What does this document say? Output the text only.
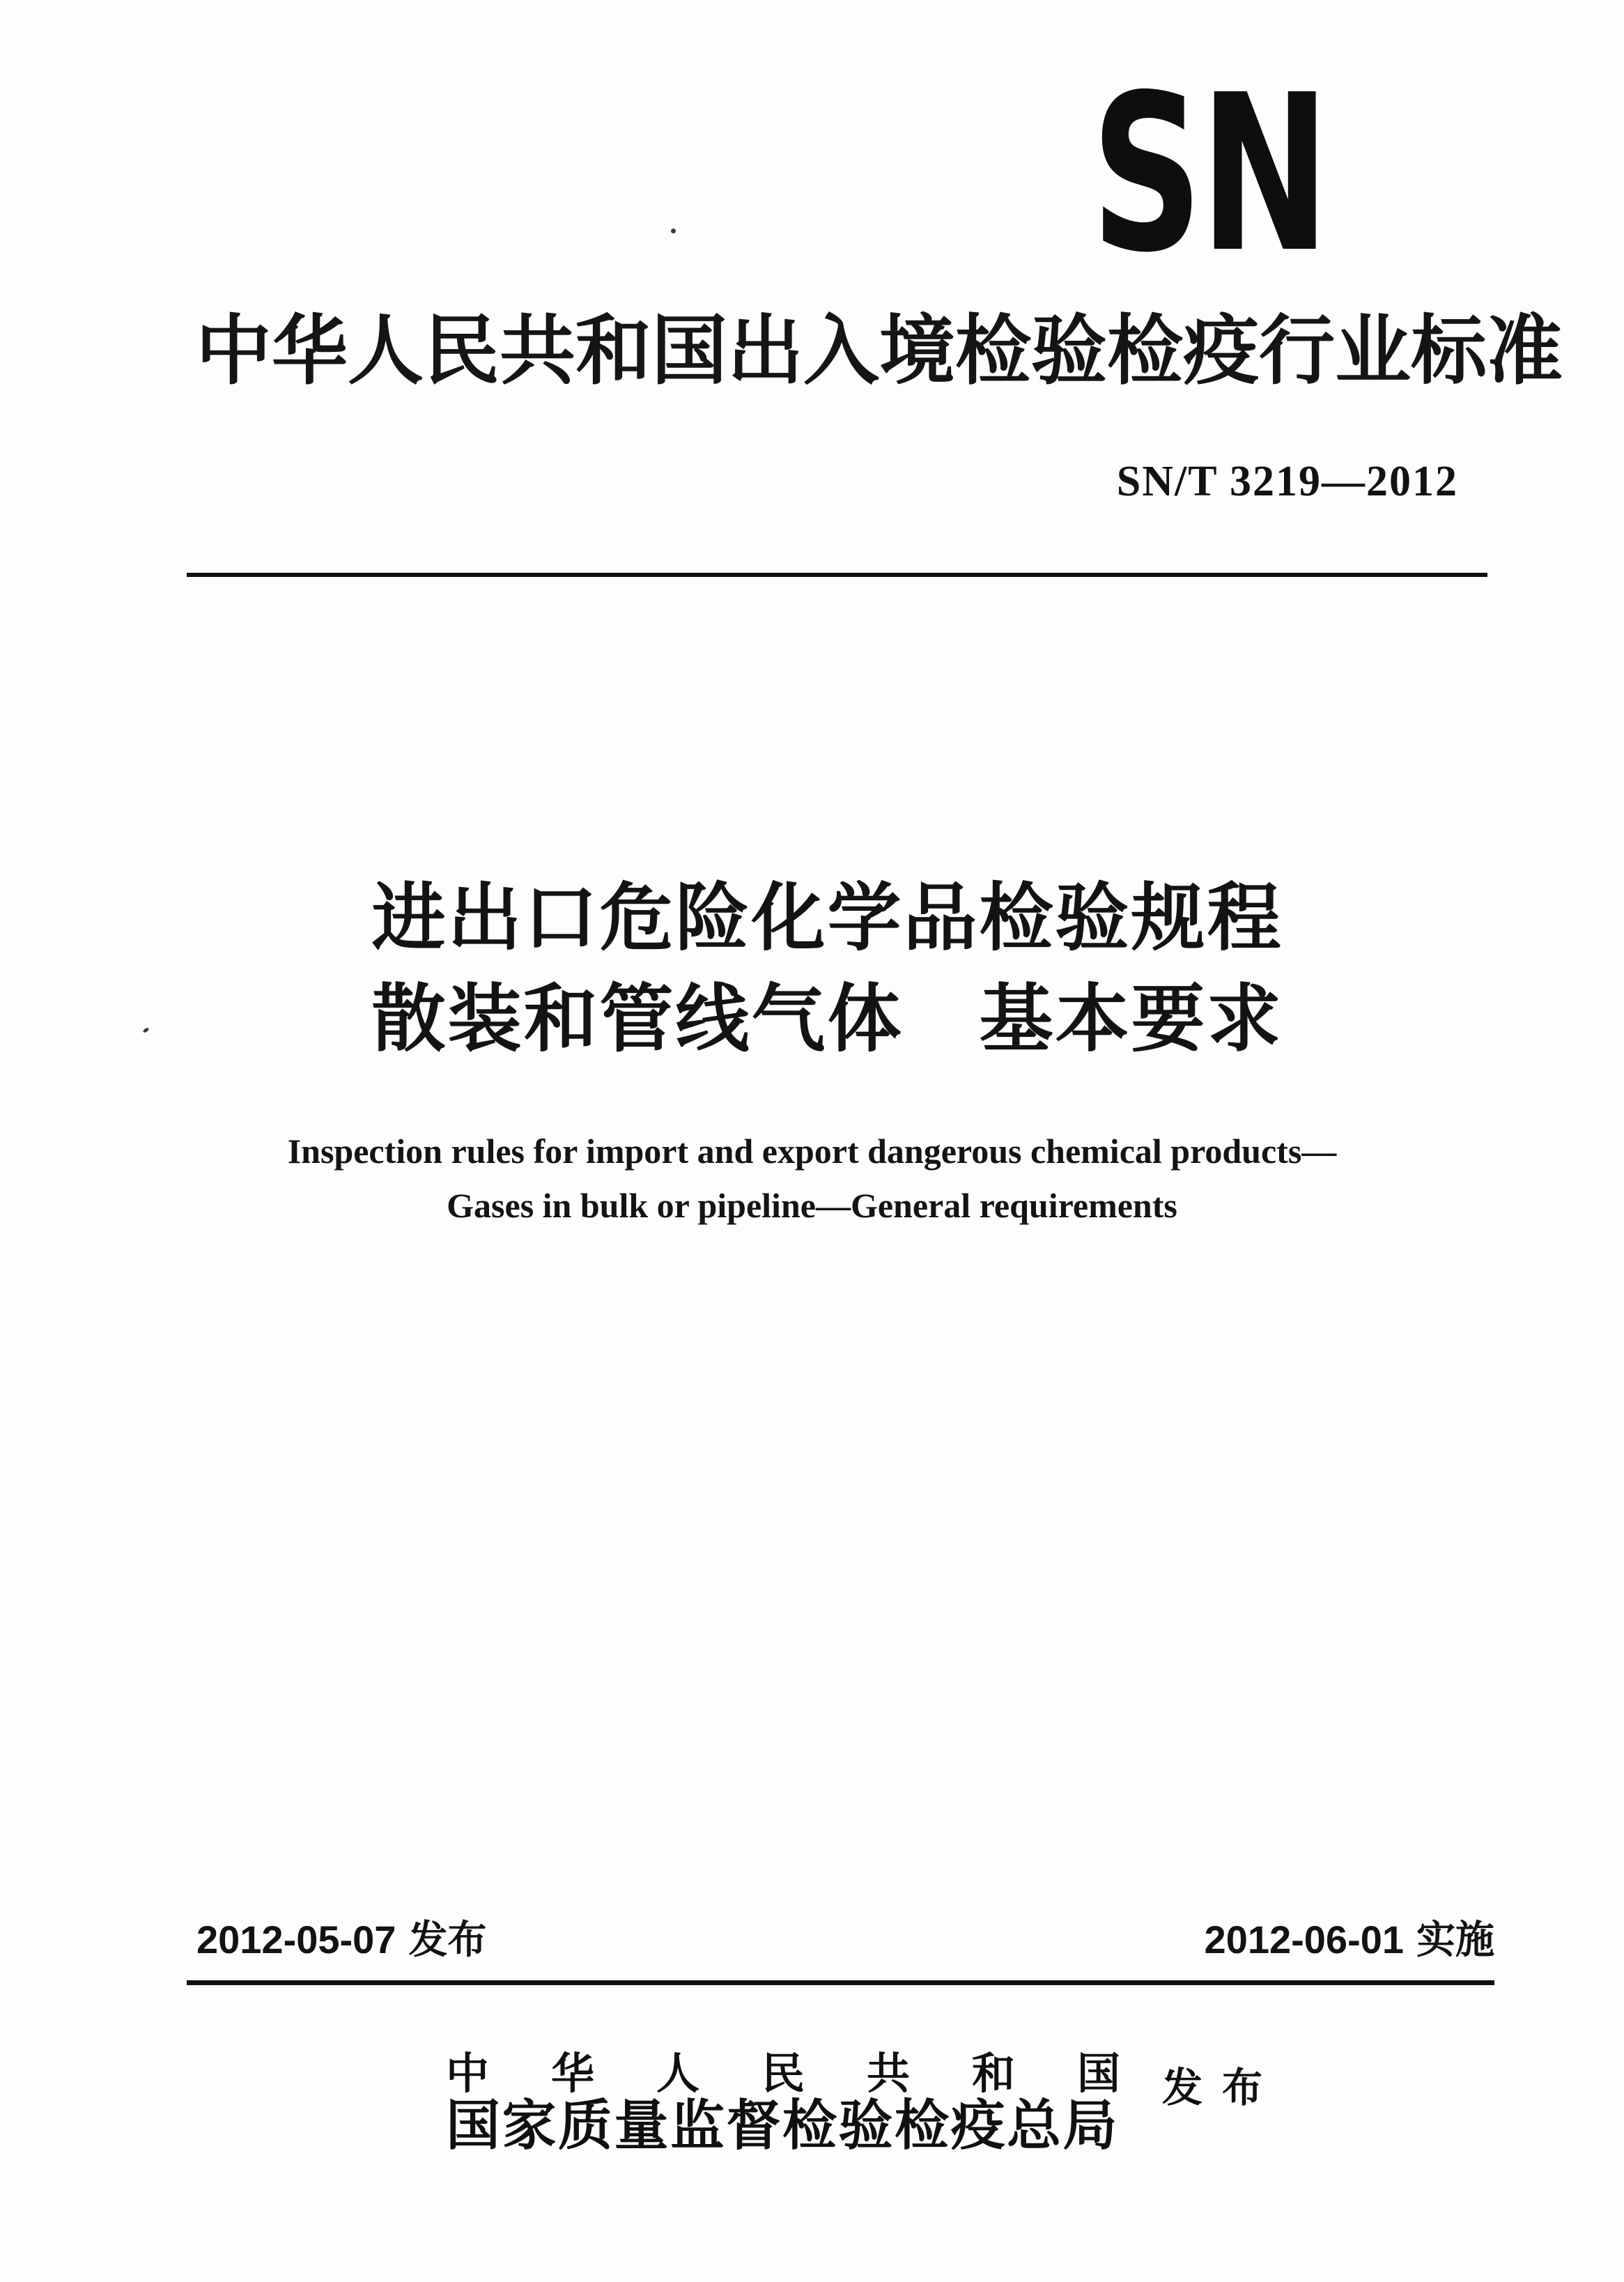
SN
中华人民共和国出入境检验检疫行业标准
SN/T 3219—2012
进出口危险化学品检验规程
散装和管线气体　基本要求
Inspection rules for import and export dangerous chemical products—
Gases in bulk or pipeline—General requirements
2012-05-07 发布	2012-06-01 实施
中华人民共和国
国家质量监督检验检疫总局
发布
